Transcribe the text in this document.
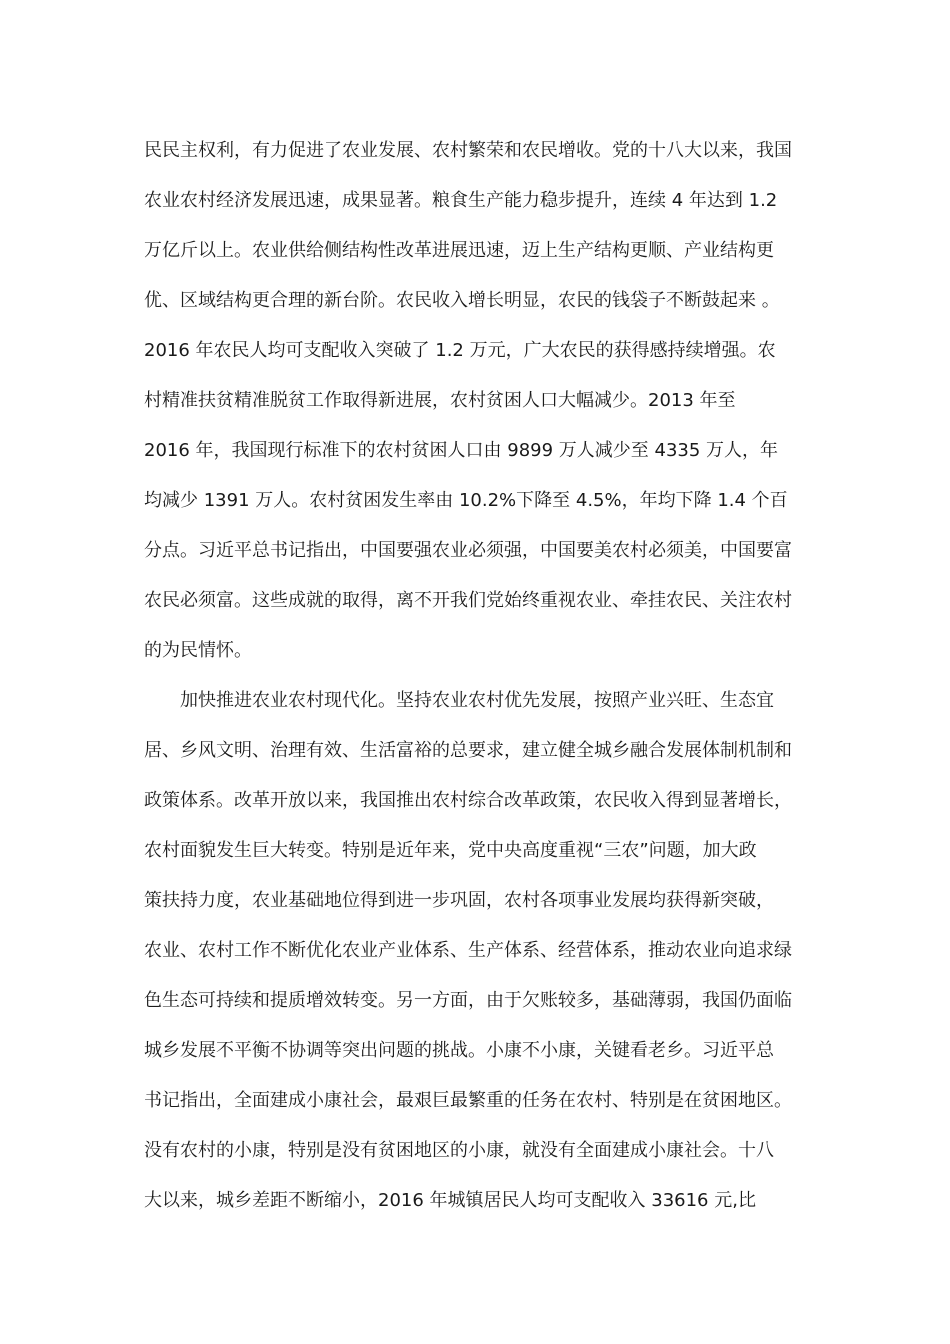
民民主权利，有力促进了农业发展、农村繁荣和农民增收。党的十八大以来，我国
农业农村经济发展迅速，成果显著。粮食生产能力稳步提升，连续 4 年达到 1.2
万亿斤以上。农业供给侧结构性改革进展迅速，迈上生产结构更顺、产业结构更
优、区域结构更合理的新台阶。农民收入增长明显，农民的钱袋子不断鼓起来 。
2016 年农民人均可支配收入突破了 1.2 万元，广大农民的获得感持续增强。农
村精准扶贫精准脱贫工作取得新进展，农村贫困人口大幅减少。2013 年至
2016 年，我国现行标准下的农村贫困人口由 9899 万人减少至 4335 万人，年
均减少 1391 万人。农村贫困发生率由 10.2%下降至 4.5%，年均下降 1.4 个百
分点。习近平总书记指出，中国要强农业必须强，中国要美农村必须美，中国要富
农民必须富。这些成就的取得，离不开我们党始终重视农业、牵挂农民、关注农村
的为民情怀。
加快推进农业农村现代化。坚持农业农村优先发展，按照产业兴旺、生态宜
居、乡风文明、治理有效、生活富裕的总要求，建立健全城乡融合发展体制机制和
政策体系。改革开放以来，我国推出农村综合改革政策，农民收入得到显著增长，
农村面貌发生巨大转变。特别是近年来，党中央高度重视“三农”问题，加大政
策扶持力度，农业基础地位得到进一步巩固，农村各项事业发展均获得新突破，
农业、农村工作不断优化农业产业体系、生产体系、经营体系，推动农业向追求绿
色生态可持续和提质增效转变。另一方面，由于欠账较多，基础薄弱，我国仍面临
城乡发展不平衡不协调等突出问题的挑战。小康不小康，关键看老乡。习近平总
书记指出，全面建成小康社会，最艰巨最繁重的任务在农村、特别是在贫困地区。
没有农村的小康，特别是没有贫困地区的小康，就没有全面建成小康社会。十八
大以来，城乡差距不断缩小，2016 年城镇居民人均可支配收入 33616 元,比
